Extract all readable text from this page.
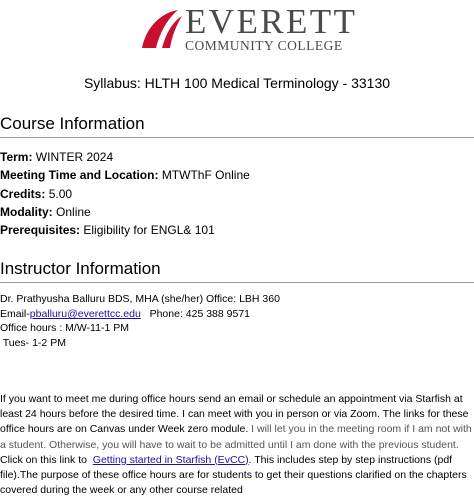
EVERETT
COMMUNITY COLLEGE
Syllabus: HLTH 100 Medical Terminology - 33130
Course Information
Term: WINTER 2024
Meeting Time and Location: MTWThF Online
Credits: 5.00
Modality: Online
Prerequisites: Eligibility for ENGL& 101
Instructor Information
Dr. Prathyusha Balluru BDS, MHA (she/her) Office: LBH 360
Email-pballuru@everettcc.edu   Phone: 425 388 9571
Office hours : M/W-11-1 PM
Tues- 1-2 PM

If you want to meet me during office hours send an email or schedule an appointment via Starfish at least 24 hours before the desired time. I can meet with you in person or via Zoom. The links for these office hours are on Canvas under Week zero module. I will let you in the meeting room if I am not with a student. Otherwise, you will have to wait to be admitted until I am done with the previous student. Click on this link to  Getting started in Starfish (EvCC). This includes step by step instructions (pdf file).The purpose of these office hours are for students to get their questions clarified on the chapters covered during the week or any other course related
